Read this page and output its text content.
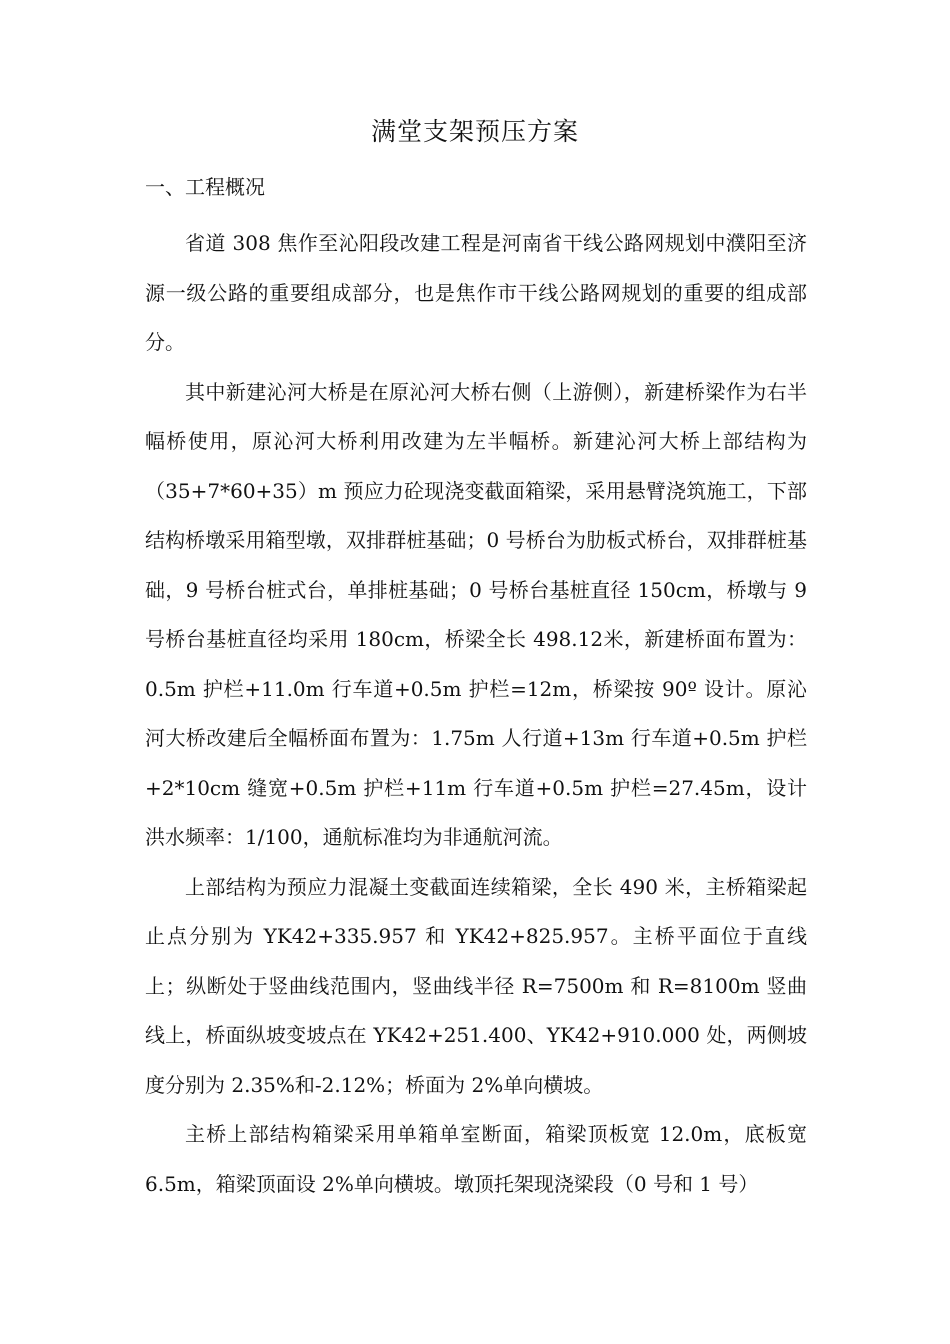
满堂支架预压方案
一、工程概况

省道 308 焦作至沁阳段改建工程是河南省干线公路网规划中濮阳至济源一级公路的重要组成部分，也是焦作市干线公路网规划的重要的组成部分。

其中新建沁河大桥是在原沁河大桥右侧（上游侧），新建桥梁作为右半幅桥使用，原沁河大桥利用改建为左半幅桥。新建沁河大桥上部结构为（35+7*60+35）m 预应力砼现浇变截面箱梁，采用悬臂浇筑施工，下部结构桥墩采用箱型墩，双排群桩基础；0 号桥台为肋板式桥台，双排群桩基础，9 号桥台桩式台，单排桩基础；0 号桥台基桩直径 150cm，桥墩与 9 号桥台基桩直径均采用 180cm，桥梁全长 498.12米，新建桥面布置为：0.5m 护栏+11.0m 行车道+0.5m 护栏=12m，桥梁按 90º 设计。原沁河大桥改建后全幅桥面布置为：1.75m 人行道+13m 行车道+0.5m 护栏+2*10cm 缝宽+0.5m 护栏+11m 行车道+0.5m 护栏=27.45m，设计洪水频率：1/100，通航标准均为非通航河流。

上部结构为预应力混凝土变截面连续箱梁，全长 490 米，主桥箱梁起止点分别为 YK42+335.957 和 YK42+825.957。主桥平面位于直线上；纵断处于竖曲线范围内，竖曲线半径 R=7500m 和 R=8100m 竖曲线上，桥面纵坡变坡点在 YK42+251.400、YK42+910.000 处，两侧坡度分别为 2.35%和-2.12%；桥面为 2%单向横坡。

主桥上部结构箱梁采用单箱单室断面，箱梁顶板宽 12.0m，底板宽 6.5m，箱梁顶面设 2%单向横坡。墩顶托架现浇梁段（0 号和 1 号）
